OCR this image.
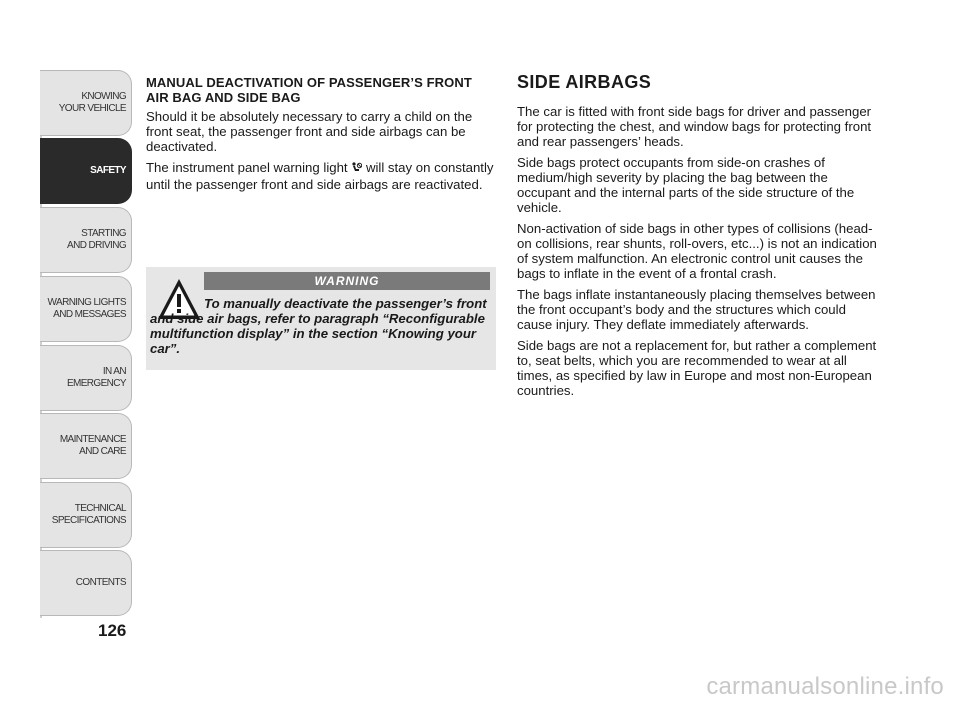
KNOWING
YOUR VEHICLE
SAFETY
STARTING
AND DRIVING
WARNING LIGHTS
AND MESSAGES
IN AN
EMERGENCY
MAINTENANCE
AND CARE
TECHNICAL
SPECIFICATIONS
CONTENTS
126
MANUAL DEACTIVATION OF PASSENGER’S FRONT AIR BAG AND SIDE BAG

Should it be absolutely necessary to carry a child on the front seat, the passenger front and side airbags can be deactivated.

The instrument panel warning light will stay on constantly until the passenger front and side airbags are reactivated.

WARNING
To manually deactivate the passenger’s front and side air bags, refer to paragraph “Reconfigurable multifunction display” in the section “Knowing your car”.
SIDE AIRBAGS

The car is fitted with front side bags for driver and passenger for protecting the chest, and window bags for protecting front and rear passengers’ heads.

Side bags protect occupants from side-on crashes of medium/high severity by placing the bag between the occupant and the internal parts of the side structure of the vehicle.

Non-activation of side bags in other types of collisions (head-on collisions, rear shunts, roll-overs, etc...) is not an indication of system malfunction. An electronic control unit causes the bags to inflate in the event of a frontal crash.

The bags inflate instantaneously placing themselves between the front occupant’s body and the structures which could cause injury. They deflate immediately afterwards.

Side bags are not a replacement for, but rather a complement to, seat belts, which you are recommended to wear at all times, as specified by law in Europe and most non-European countries.

carmanualsonline.info
